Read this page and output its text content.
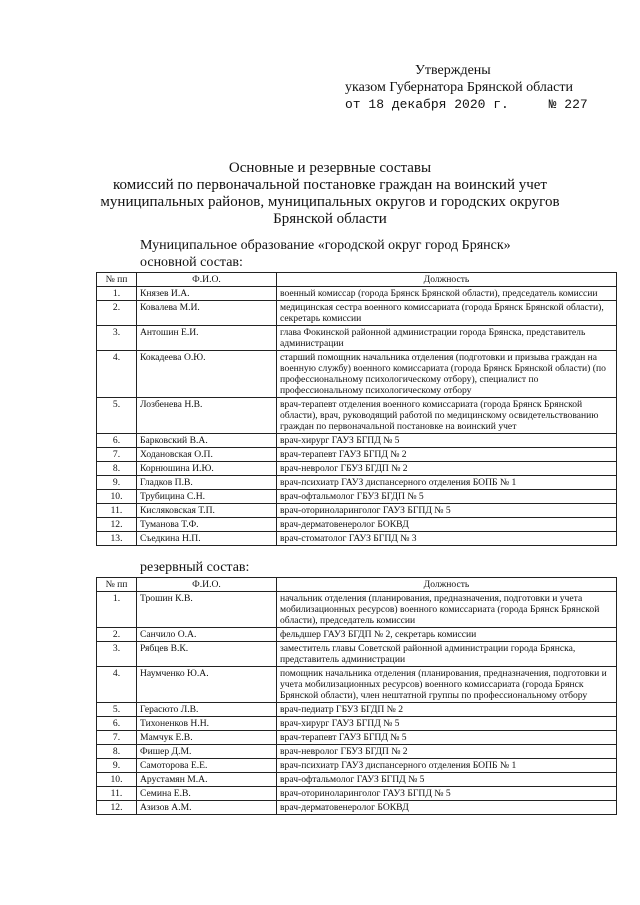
Утверждены
указом Губернатора Брянской области
от 18 декабря 2020 г.	№ 227
Основные и резервные составы
комиссий по первоначальной постановке граждан на воинский учет
муниципальных районов, муниципальных округов и городских округов
Брянской области
Муниципальное образование «городской округ город Брянск»
основной состав:
№ пп	Ф.И.О.	Должность
1.	Князев И.А.	военный комиссар (города Брянск Брянской области), председатель комиссии
2.	Ковалева М.И.	медицинская сестра военного комиссариата (города Брянск Брянской области), секретарь комиссии
3.	Антошин Е.И.	глава Фокинской районной администрации города Брянска, представитель администрации
4.	Кокадеева О.Ю.	старший помощник начальника отделения (подготовки и призыва граждан на военную службу) военного комиссариата (города Брянск Брянской области) (по профессиональному психологическому отбору), специалист по профессиональному психологическому отбору
5.	Лозбенева Н.В.	врач-терапевт отделения военного комиссариата (города Брянск Брянской области), врач, руководящий работой по медицинскому освидетельствованию граждан по первоначальной постановке на воинский учет
6.	Барковский В.А.	врач-хирург ГАУЗ БГПД № 5
7.	Ходановская О.П.	врач-терапевт ГАУЗ БГПД № 2
8.	Корнюшина И.Ю.	врач-невролог ГБУЗ БГДП № 2
9.	Гладков П.В.	врач-психиатр ГАУЗ диспансерного отделения БОПБ № 1
10.	Трубицина С.Н.	врач-офтальмолог ГБУЗ БГДП № 5
11.	Кисляковская Т.П.	врач-оториноларинголог ГАУЗ БГПД № 5
12.	Туманова Т.Ф.	врач-дерматовенеролог БОКВД
13.	Съедкина Н.П.	врач-стоматолог ГАУЗ БГПД № 3
резервный состав:
№ пп	Ф.И.О.	Должность
1.	Трошин К.В.	начальник отделения (планирования, предназначения, подготовки и учета мобилизационных ресурсов) военного комиссариата (города Брянск Брянской области), председатель комиссии
2.	Санчило О.А.	фельдшер ГАУЗ БГДП № 2, секретарь комиссии
3.	Рябцев В.К.	заместитель главы Советской районной администрации города Брянска, представитель администрации
4.	Наумченко Ю.А.	помощник начальника отделения (планирования, предназначения, подготовки и учета мобилизационных ресурсов) военного комиссариата (города Брянск Брянской области), член нештатной группы по профессиональному отбору
5.	Герасюто Л.В.	врач-педиатр ГБУЗ БГДП № 2
6.	Тихоненков Н.Н.	врач-хирург ГАУЗ БГПД № 5
7.	Мамчук Е.В.	врач-терапевт ГАУЗ БГПД № 5
8.	Фишер Д.М.	врач-невролог ГБУЗ БГДП № 2
9.	Самоторова Е.Е.	врач-психиатр ГАУЗ диспансерного отделения БОПБ № 1
10.	Арустамян М.А.	врач-офтальмолог ГАУЗ БГПД № 5
11.	Семина Е.В.	врач-оториноларинголог ГАУЗ БГПД № 5
12.	Азизов А.М.	врач-дерматовенеролог БОКВД
